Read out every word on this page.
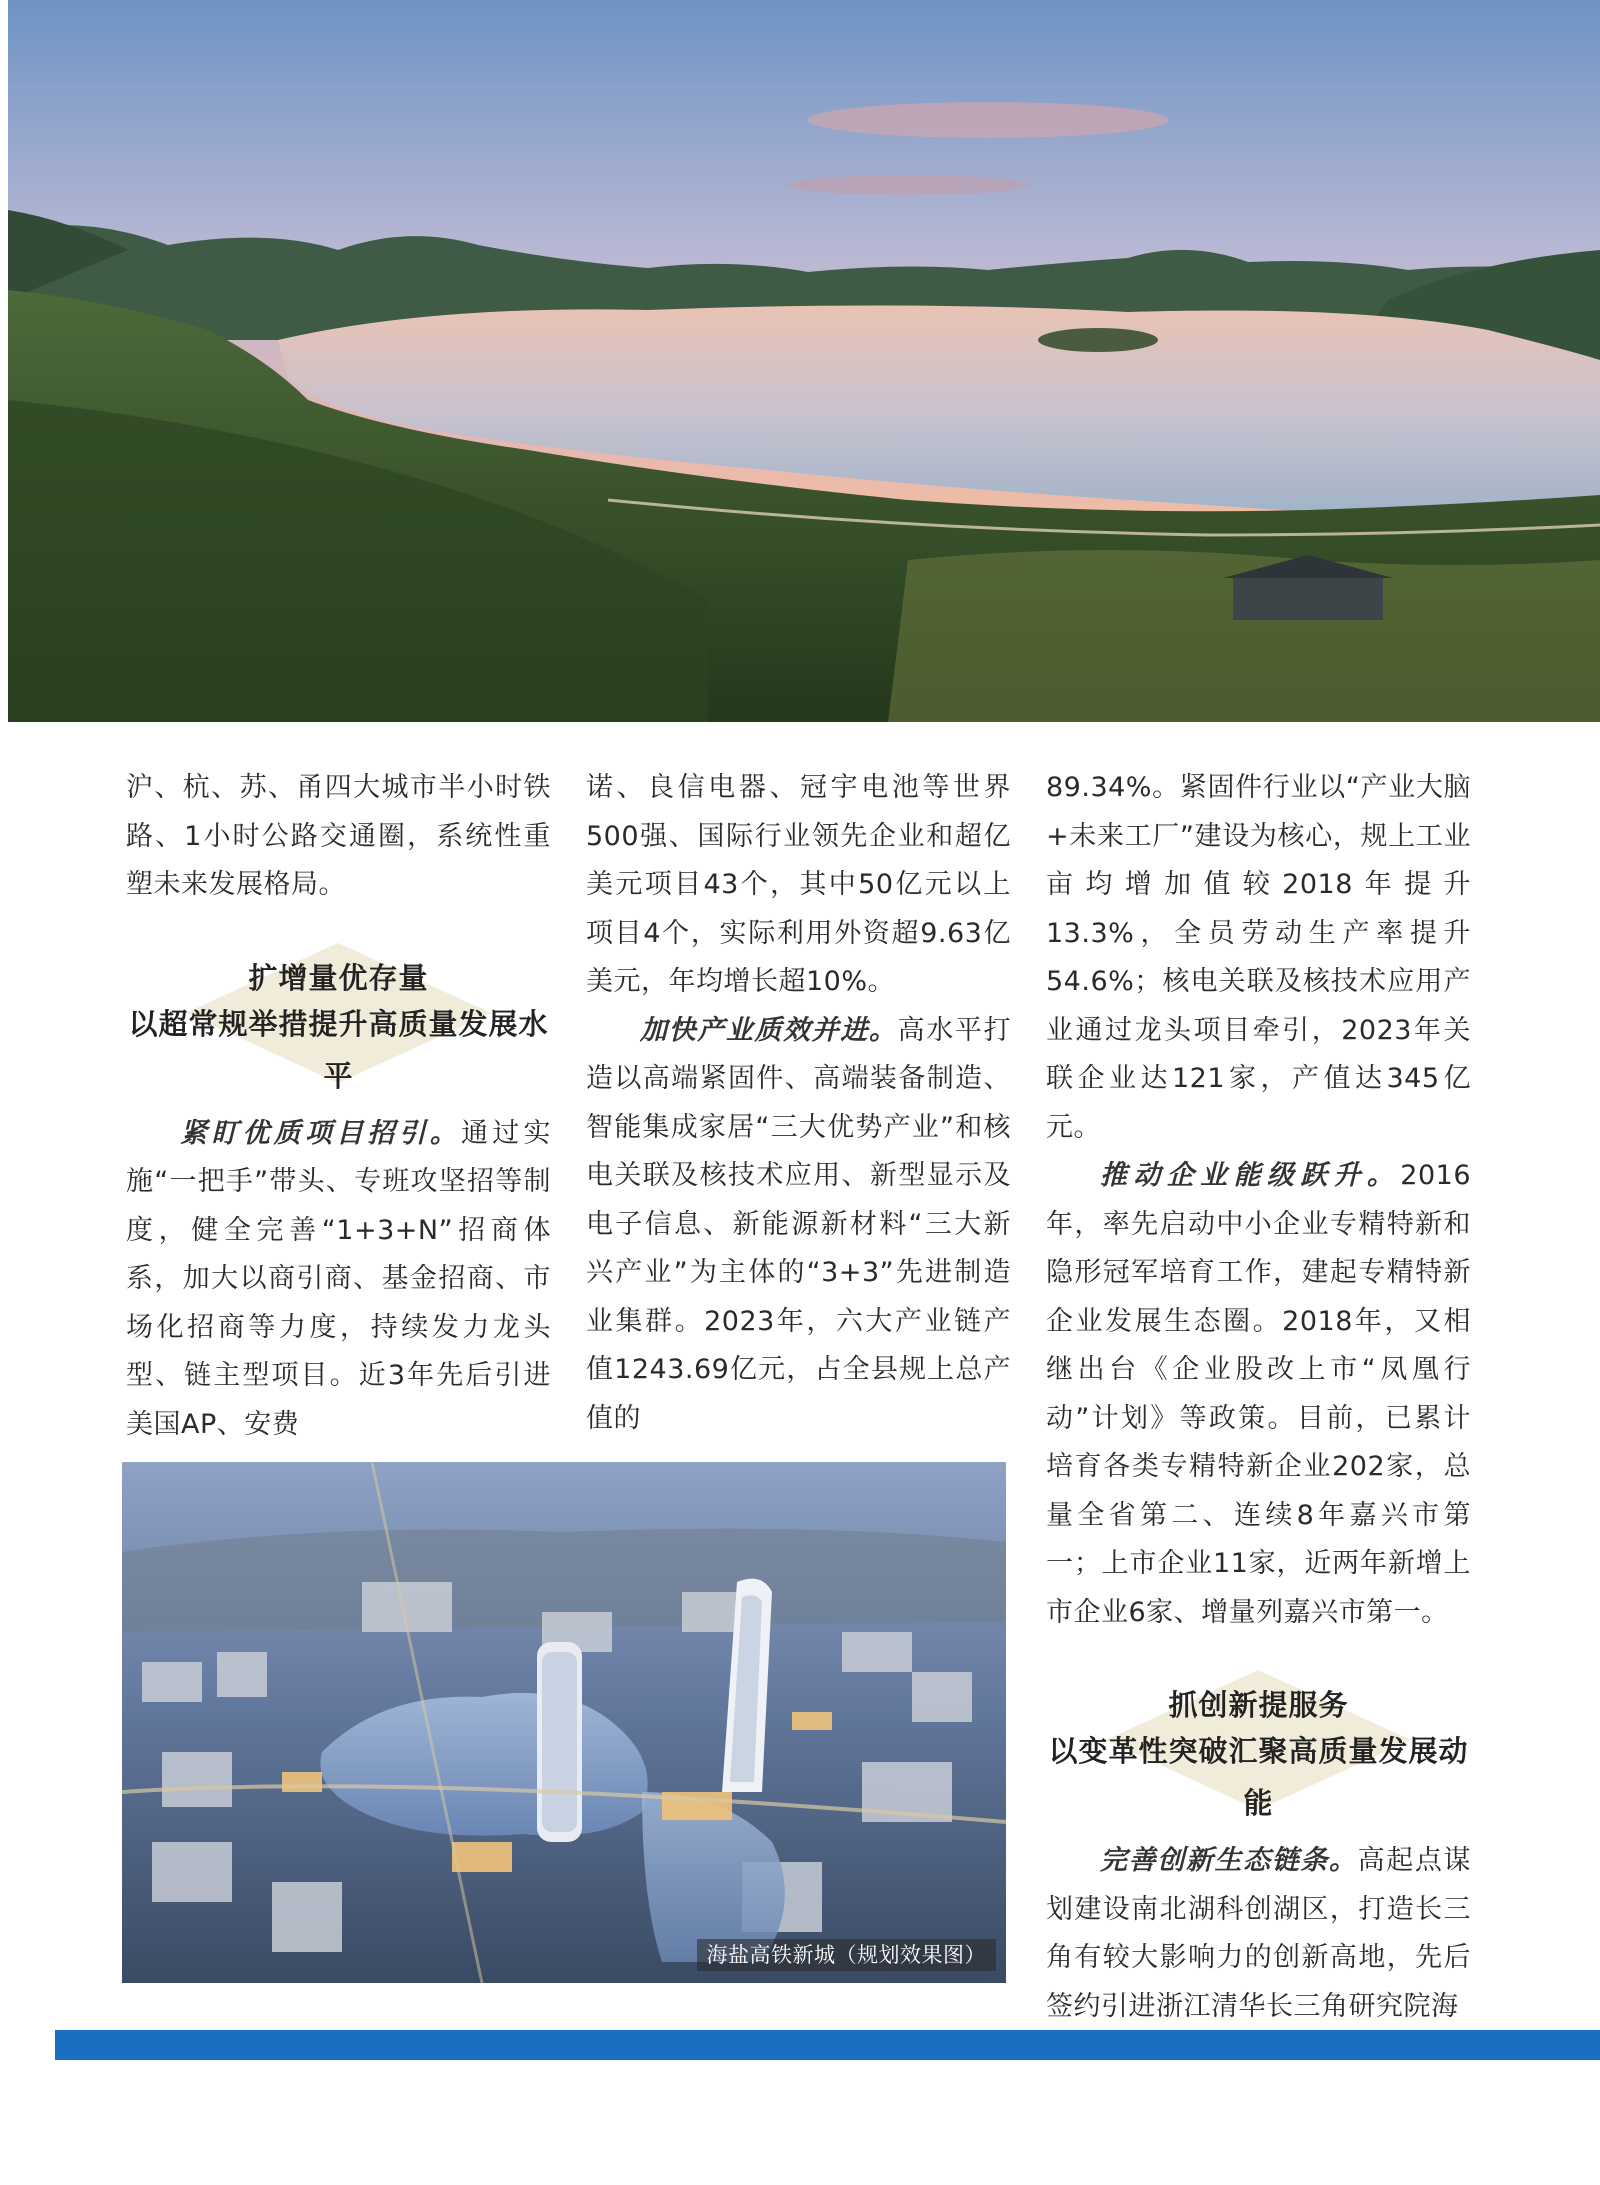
沪、杭、苏、甬四大城市半小时铁路、1小时公路交通圈，系统性重塑未来发展格局。

扩增量优存量
以超常规举措提升高质量发展水平

紧盯优质项目招引。通过实施“一把手”带头、专班攻坚招等制度，健全完善“1+3+N”招商体系，加大以商引商、基金招商、市场化招商等力度，持续发力龙头型、链主型项目。近3年先后引进美国AP、安费

诺、良信电器、冠宇电池等世界500强、国际行业领先企业和超亿美元项目43个，其中50亿元以上项目4个，实际利用外资超9.63亿美元，年均增长超10%。

加快产业质效并进。高水平打造以高端紧固件、高端装备制造、智能集成家居“三大优势产业”和核电关联及核技术应用、新型显示及电子信息、新能源新材料“三大新兴产业”为主体的“3+3”先进制造业集群。2023年，六大产业链产值1243.69亿元，占全县规上总产值的

89.34%。紧固件行业以“产业大脑+未来工厂”建设为核心，规上工业亩均增加值较2018年提升13.3%，全员劳动生产率提升54.6%；核电关联及核技术应用产业通过龙头项目牵引，2023年关联企业达121家，产值达345亿元。

推动企业能级跃升。2016年，率先启动中小企业专精特新和隐形冠军培育工作，建起专精特新企业发展生态圈。2018年，又相继出台《企业股改上市“凤凰行动”计划》等政策。目前，已累计培育各类专精特新企业202家，总量全省第二、连续8年嘉兴市第一；上市企业11家，近两年新增上市企业6家、增量列嘉兴市第一。

抓创新提服务
以变革性突破汇聚高质量发展动能

完善创新生态链条。高起点谋划建设南北湖科创湖区，打造长三角有较大影响力的创新高地，先后签约引进浙江清华长三角研究院海

海盐高铁新城（规划效果图）
